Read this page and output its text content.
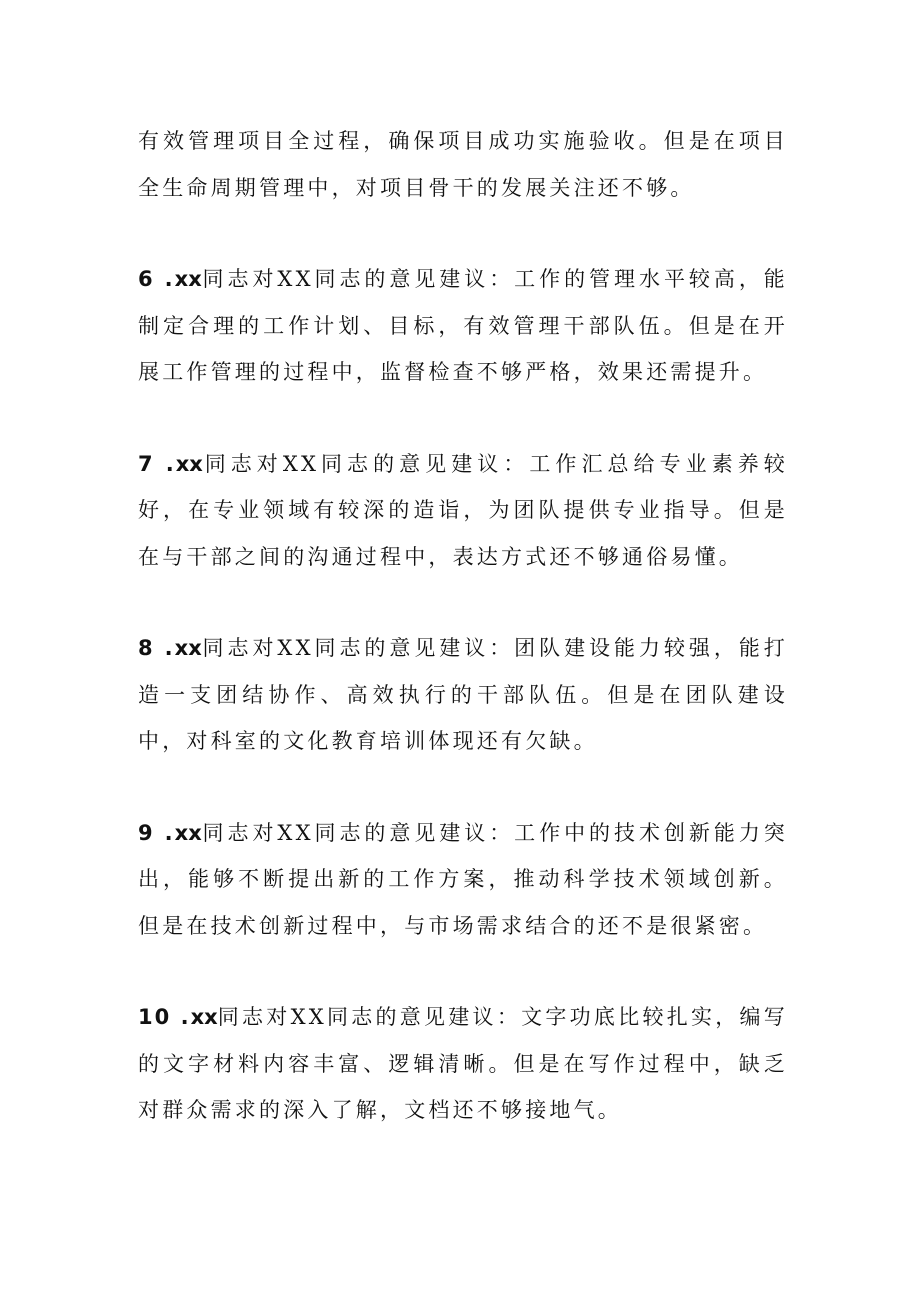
有效管理项目全过程，确保项目成功实施验收。但是在项目全生命周期管理中，对项目骨干的发展关注还不够。

6 .xx同志对XX同志的意见建议：工作的管理水平较高，能制定合理的工作计划、目标，有效管理干部队伍。但是在开展工作管理的过程中，监督检查不够严格，效果还需提升。

7 .xx同志对XX同志的意见建议：工作汇总给专业素养较好，在专业领域有较深的造诣，为团队提供专业指导。但是在与干部之间的沟通过程中，表达方式还不够通俗易懂。

8 .xx同志对XX同志的意见建议：团队建设能力较强，能打造一支团结协作、高效执行的干部队伍。但是在团队建设中，对科室的文化教育培训体现还有欠缺。

9 .xx同志对XX同志的意见建议：工作中的技术创新能力突出，能够不断提出新的工作方案，推动科学技术领域创新。但是在技术创新过程中，与市场需求结合的还不是很紧密。

10 .xx同志对XX同志的意见建议：文字功底比较扎实，编写的文字材料内容丰富、逻辑清晰。但是在写作过程中，缺乏对群众需求的深入了解，文档还不够接地气。
